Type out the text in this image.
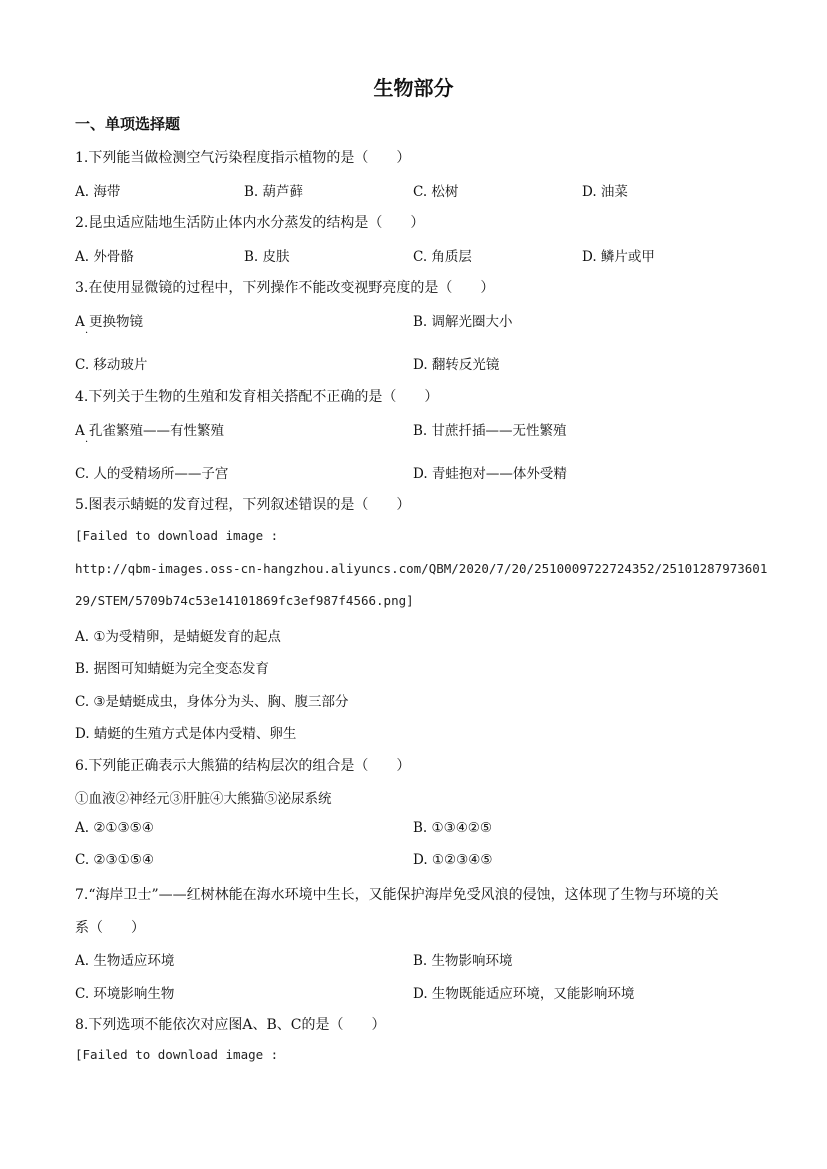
生物部分
一、单项选择题
1.下列能当做检测空气污染程度指示植物的是（　　）
A. 海带	B. 葫芦藓	C. 松树	D. 油菜
2.昆虫适应陆地生活防止体内水分蒸发的结构是（　　）
A. 外骨骼	B. 皮肤	C. 角质层	D. 鳞片或甲
3.在使用显微镜的过程中，下列操作不能改变视野亮度的是（　　）
A 更换物镜
·
B. 调解光圈大小
C. 移动玻片	D. 翻转反光镜
4.下列关于生物的生殖和发育相关搭配不正确的是（　　）
A 孔雀繁殖——有性繁殖
·
B. 甘蔗扦插——无性繁殖
C. 人的受精场所——子宫	D. 青蛙抱对——体外受精
5.图表示蜻蜓的发育过程，下列叙述错误的是（　　）
[Failed to download image :
http://qbm-images.oss-cn-hangzhou.aliyuncs.com/QBM/2020/7/20/2510009722724352/25101287973601
29/STEM/5709b74c53e14101869fc3ef987f4566.png]
A. ①为受精卵，是蜻蜓发育的起点
B. 据图可知蜻蜓为完全变态发育
C. ③是蜻蜓成虫，身体分为头、胸、腹三部分
D. 蜻蜓的生殖方式是体内受精、卵生
6.下列能正确表示大熊猫的结构层次的组合是（　　）
①血液②神经元③肝脏④大熊猫⑤泌尿系统
A. ②①③⑤④	B. ①③④②⑤
C. ②③①⑤④	D. ①②③④⑤
7.“海岸卫士”——红树林能在海水环境中生长，又能保护海岸免受风浪的侵蚀，这体现了生物与环境的关
系（　　）
A. 生物适应环境	B. 生物影响环境
C. 环境影响生物	D. 生物既能适应环境，又能影响环境
8.下列选项不能依次对应图A、B、C的是（　　）
[Failed to download image :
